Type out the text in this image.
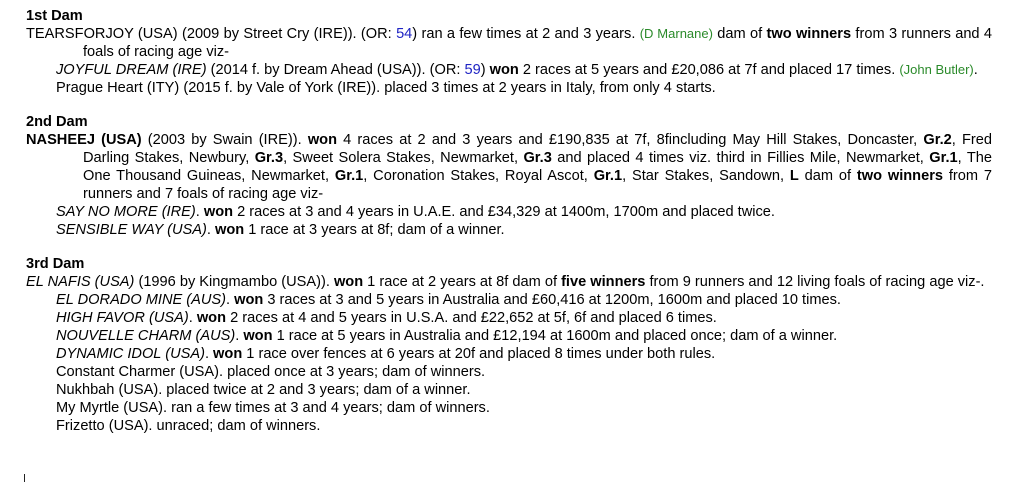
1st Dam
TEARSFORJOY (USA) (2009 by Street Cry (IRE)). (OR: 54) ran a few times at 2 and 3 years. (D Marnane) dam of two winners from 3 runners and 4 foals of racing age viz-
JOYFUL DREAM (IRE) (2014 f. by Dream Ahead (USA)). (OR: 59) won 2 races at 5 years and £20,086 at 7f and placed 17 times. (John Butler).
Prague Heart (ITY) (2015 f. by Vale of York (IRE)). placed 3 times at 2 years in Italy, from only 4 starts.
2nd Dam
NASHEEJ (USA) (2003 by Swain (IRE)). won 4 races at 2 and 3 years and £190,835 at 7f, 8fincluding May Hill Stakes, Doncaster, Gr.2, Fred Darling Stakes, Newbury, Gr.3, Sweet Solera Stakes, Newmarket, Gr.3 and placed 4 times viz. third in Fillies Mile, Newmarket, Gr.1, The One Thousand Guineas, Newmarket, Gr.1, Coronation Stakes, Royal Ascot, Gr.1, Star Stakes, Sandown, L dam of two winners from 7 runners and 7 foals of racing age viz-
SAY NO MORE (IRE). won 2 races at 3 and 4 years in U.A.E. and £34,329 at 1400m, 1700m and placed twice.
SENSIBLE WAY (USA). won 1 race at 3 years at 8f; dam of a winner.
3rd Dam
EL NAFIS (USA) (1996 by Kingmambo (USA)). won 1 race at 2 years at 8f dam of five winners from 9 runners and 12 living foals of racing age viz-.
EL DORADO MINE (AUS). won 3 races at 3 and 5 years in Australia and £60,416 at 1200m, 1600m and placed 10 times.
HIGH FAVOR (USA). won 2 races at 4 and 5 years in U.S.A. and £22,652 at 5f, 6f and placed 6 times.
NOUVELLE CHARM (AUS). won 1 race at 5 years in Australia and £12,194 at 1600m and placed once; dam of a winner.
DYNAMIC IDOL (USA). won 1 race over fences at 6 years at 20f and placed 8 times under both rules.
Constant Charmer (USA). placed once at 3 years; dam of winners.
Nukhbah (USA). placed twice at 2 and 3 years; dam of a winner.
My Myrtle (USA). ran a few times at 3 and 4 years; dam of winners.
Frizetto (USA). unraced; dam of winners.
